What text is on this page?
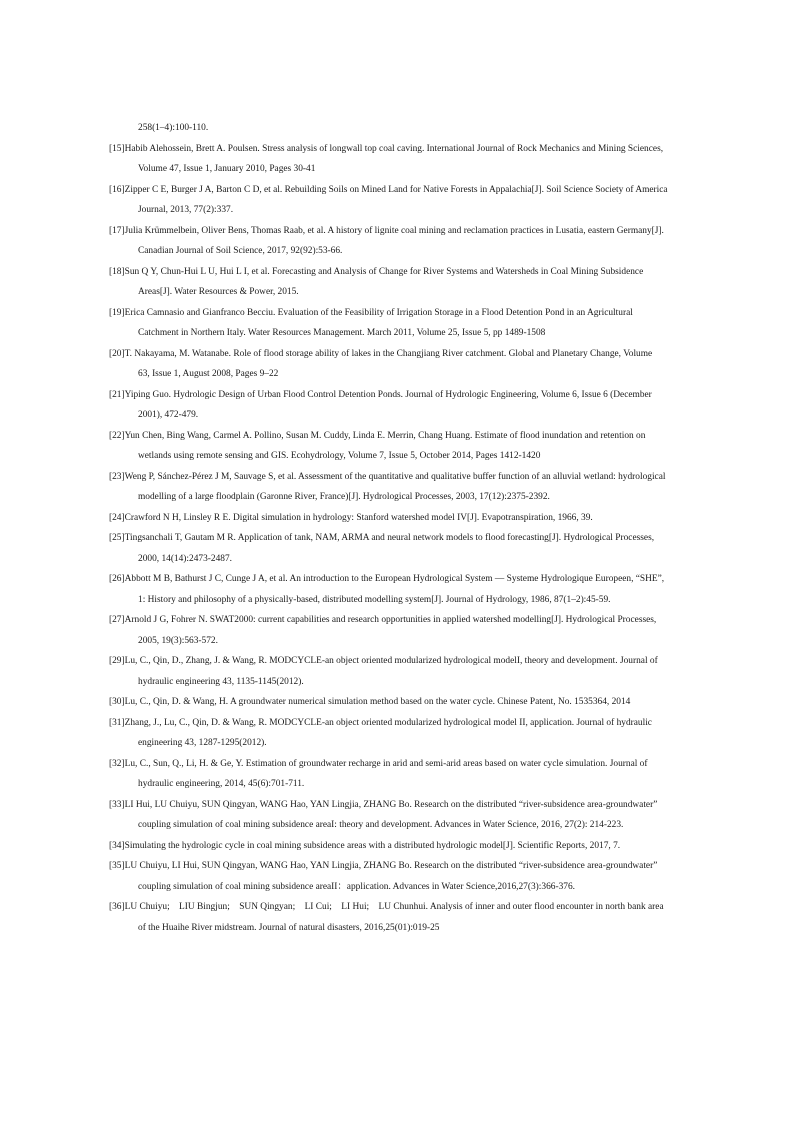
258(1–4):100-110.
[15]Habib Alehossein, Brett A. Poulsen. Stress analysis of longwall top coal caving. International Journal of Rock Mechanics and Mining Sciences,
Volume 47, Issue 1, January 2010, Pages 30-41
[16]Zipper C E, Burger J A, Barton C D, et al. Rebuilding Soils on Mined Land for Native Forests in Appalachia[J]. Soil Science Society of America
Journal, 2013, 77(2):337.
[17]Julia Krümmelbein, Oliver Bens, Thomas Raab, et al. A history of lignite coal mining and reclamation practices in Lusatia, eastern Germany[J].
Canadian Journal of Soil Science, 2017, 92(92):53-66.
[18]Sun Q Y, Chun-Hui L U, Hui L I, et al. Forecasting and Analysis of Change for River Systems and Watersheds in Coal Mining Subsidence
Areas[J]. Water Resources & Power, 2015.
[19]Erica Camnasio and Gianfranco Becciu. Evaluation of the Feasibility of Irrigation Storage in a Flood Detention Pond in an Agricultural
Catchment in Northern Italy. Water Resources Management. March 2011, Volume 25, Issue 5, pp 1489-1508
[20]T. Nakayama, M. Watanabe. Role of flood storage ability of lakes in the Changjiang River catchment. Global and Planetary Change, Volume
63, Issue 1, August 2008, Pages 9–22
[21]Yiping Guo. Hydrologic Design of Urban Flood Control Detention Ponds. Journal of Hydrologic Engineering, Volume 6, Issue 6 (December
2001), 472-479.
[22]Yun Chen, Bing Wang, Carmel A. Pollino, Susan M. Cuddy, Linda E. Merrin, Chang Huang. Estimate of flood inundation and retention on
wetlands using remote sensing and GIS. Ecohydrology, Volume 7, Issue 5, October 2014, Pages 1412-1420
[23]Weng P, Sánchez-Pérez J M, Sauvage S, et al. Assessment of the quantitative and qualitative buffer function of an alluvial wetland: hydrological
modelling of a large floodplain (Garonne River, France)[J]. Hydrological Processes, 2003, 17(12):2375-2392.
[24]Crawford N H, Linsley R E. Digital simulation in hydrology: Stanford watershed model IV[J]. Evapotranspiration, 1966, 39.
[25]Tingsanchali T, Gautam M R. Application of tank, NAM, ARMA and neural network models to flood forecasting[J]. Hydrological Processes,
2000, 14(14):2473-2487.
[26]Abbott M B, Bathurst J C, Cunge J A, et al. An introduction to the European Hydrological System — Systeme Hydrologique Europeen, “SHE”,
1: History and philosophy of a physically-based, distributed modelling system[J]. Journal of Hydrology, 1986, 87(1–2):45-59.
[27]Arnold J G, Fohrer N. SWAT2000: current capabilities and research opportunities in applied watershed modelling[J]. Hydrological Processes,
2005, 19(3):563-572.
[29]Lu, C., Qin, D., Zhang, J. & Wang, R. MODCYCLE-an object oriented modularized hydrological modelI, theory and development. Journal of
hydraulic engineering 43, 1135-1145(2012).
[30]Lu, C., Qin, D. & Wang, H. A groundwater numerical simulation method based on the water cycle. Chinese Patent, No. 1535364, 2014
[31]Zhang, J., Lu, C., Qin, D. & Wang, R. MODCYCLE-an object oriented modularized hydrological model II, application. Journal of hydraulic
engineering 43, 1287-1295(2012).
[32]Lu, C., Sun, Q., Li, H. & Ge, Y. Estimation of groundwater recharge in arid and semi-arid areas based on water cycle simulation. Journal of
hydraulic engineering, 2014, 45(6):701-711.
[33]LI Hui, LU Chuiyu, SUN Qingyan, WANG Hao, YAN Lingjia, ZHANG Bo. Research on the distributed “river-subsidence area-groundwater”
coupling simulation of coal mining subsidence areaI: theory and development. Advances in Water Science, 2016, 27(2): 214-223.
[34]Simulating the hydrologic cycle in coal mining subsidence areas with a distributed hydrologic model[J]. Scientific Reports, 2017, 7.
[35]LU Chuiyu, LI Hui, SUN Qingyan, WANG Hao, YAN Lingjia, ZHANG Bo. Research on the distributed “river-subsidence area-groundwater”
coupling simulation of coal mining subsidence areaII：application. Advances in Water Science,2016,27(3):366-376.
[36]LU Chuiyu;　LIU Bingjun;　SUN Qingyan;　LI Cui;　LI Hui;　LU Chunhui. Analysis of inner and outer flood encounter in north bank area
of the Huaihe River midstream. Journal of natural disasters, 2016,25(01):019-25
